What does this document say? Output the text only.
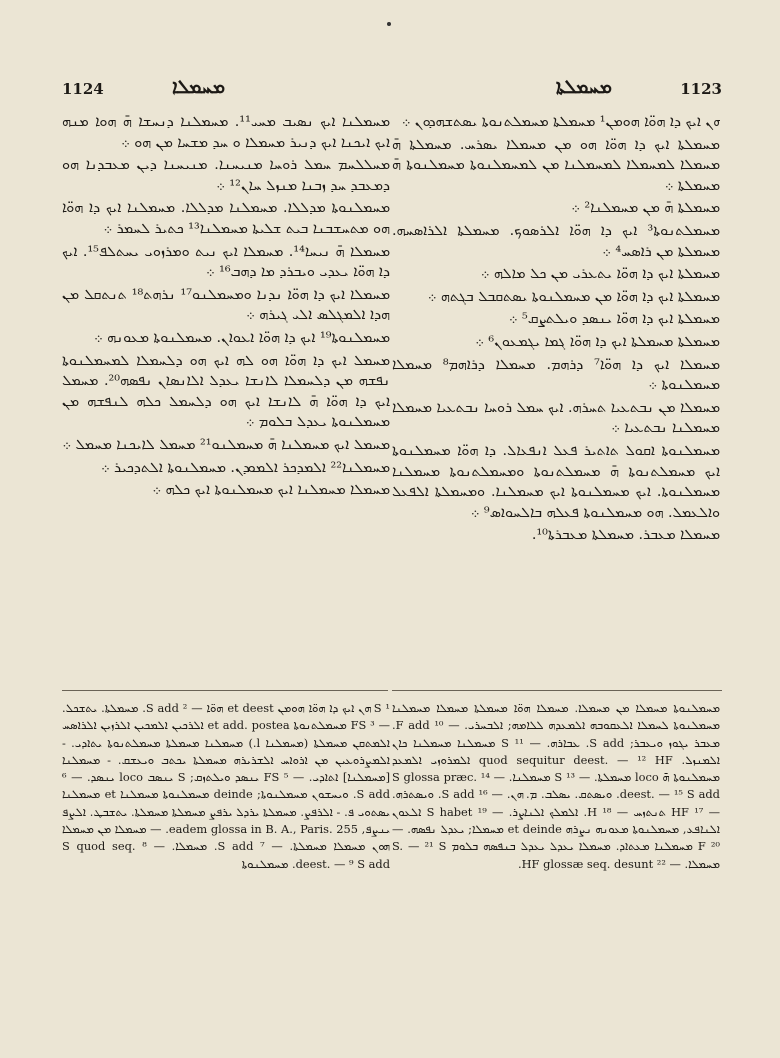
1124	ܡܚܡܠܐ	ܡܚܡܠܬܐ	1123

ܡܚܡܠܢܐ ܐܝܟ ܢܣܝܒ ܡܚܝ¹¹. ܡܚܡܠܢܐ ܕܢܚܫܐ ܗ̄ ܗܘܐ ܡܢܗ ܐܝܟ ܐܝܟܢܐ ܐܝܟ ܕܢܝܪ ܡܚܡܠܐ ܘ ܚܕ ܡܫܚܐ ܡܢ ܗܘ ܀

ܡܚܠܠܚܡ ܚܡܠ ܪܘܚܐ ܡܢܝܚܢܐ. ܡܢܝܚܢܐ ܕܝܢ ܡܥܒܕܢܐ ܗܘ ܕܡܥܒܕ ܚܕ ܙܒܢܐ ܡܢܙܠ ܚܐܢ¹² ܀

ܡܚܡܠܢܘܬܐ ܡܕܠܠܐ. ܡܚܡܠܢܐ ܡܕܠܠܐ. ܡܚܡܠܢܐ ܐܝܟ ܕܐ ܗܘ̈ܐ ܗܘ ܡܬܚܫܒܢܐ ܒܝܬ ܫܠܝܬܐ ܡܚܡܠܢܐ¹³ ܟܬܝܪ ܠܚܡܪ ܀

ܡܚܡܠܐ ܗ̄ ܢܝܚܐ¹⁴. ܡܚܡܠܐ ܐܝܟ ܢܝܬ ܘܡܪܙܘܝ ܝܚܬܠܦ¹⁵. ܐܝܟ ܕܐ ܗܘ̈ܐ ܝܥܕܝ ܘܝܒܪܕ ܡܐ ܕܗܒ¹⁶ ܀

ܡܚܡܠܐ ܐܝܟ ܕܐ ܗܘ̈ܐ ܢܕܢܐ ܘܡܚܡܠܢܘ¹⁷ ܢܪܗܬ¹⁸ ܬܢܬܩܠ ܡܢ ܗܕܐ ܐܠܡܓܠܣ ܐܠܝ ܓܝܪܗ ܀

ܡܚܡܠܢܘܬܐ¹⁹ ܐܝܟ ܕܐ ܗܘ̈ܐ ܐܥܘܐܢ. ܡܚܡܠܢܘܬܐ ܡܥܘܢܗ ܀

ܡܚܡܠ ܐܝܟ ܕܐ ܗܘ̈ܐ ܗܘ ܠܗ ܐܝܟ ܗܘ ܕܠܚܡܠܐ ܠܡܚܡܠܢܘܬܐ ܢܦܫܗ ܡܢ ܕܠܚܡܠܐ ܠܐܢܫܐ ܝܥܕܠ ܐܠܐܢܣܐܢ ܢܦܣܗ²⁰. ܡܚܡܠ ܐܝܟ ܕܐ ܗܘ̈ܐ ܗ̄ ܠܐܢܫܐ ܐܝܟ ܗܘ ܕܠܚܡܠ ܟܠܗ ܠܢܦܫܗ ܡܢ ܡܚܡܠܢܘܬܐ ܝܥܕܠ ܒܠܘܡ ܀

ܡܚܡܠ ܐܝܟ ܡܚܡܠܢܐ ܗ̄ ܡܚܡܠܢܘ²¹ ܡܚܡܠ ܠܐܝܟܢܐ ܡܚܡܠ ܀

ܡܚܡܠܢܐ²² ܐܠܡܕܟܪ ܐܠܡܘܕܢ. ܡܚܡܠܢܘܬܐ ܐܠܬܕܟܝܪ ܀

ܡܚܡܠܐ ܡܚܡܠܢܐ ܐܝܟ ܡܚܡܠܢܘܬܐ ܐܝܟ ܟܠܗ ܀

ܗܢ ܐܝܟ ܕܐ ܗܘ̈ܐ ܗܘܡܢ¹ ܡܚܡܠܬܐ ܡܚܡܠܬܢܘܬܐ ܝܣܬܫܗܕܘܢ ܀

ܡܚܡܠܬܐ ܐܝܟ ܕܐ ܗܘ̈ܐ ܗܘ ܡܢ ܡܚܡܠܐ ܝܣܪܚ. ܡܚܡܠܬܐ ܗ̄ ܡܚܡܠܐ ܠܡܚܡܠܐ ܠܡܚܡܠܢܐ ܡܢ ܠܡܚܡܠܢܘܬܐ ܡܚܡܠܢܘܬܐ ܗ̄ ܡܚܡܠܬܐ ܀

ܡܚܡܠܬܐ ܗ̄ ܡܢ ܡܚܡܠܢܐ² ܀

ܡܚܡܠܬܢܘܬܐ³ ܐܝܟ ܕܐ ܗܘ̈ܐ ܐܠܪܣܘܟ. ܡܚܡܠܬܐ ܐܠܪܐܣܚܗ. ܡܚܡܠܬܐ ܡܢ ܪܐܣܚ⁴ ܀

ܡܚܡܠܬܐ ܐܝܟ ܕܐ ܗܘ̈ܐ ܝܬܥܪܝ ܡܢ ܟܠ ܡܐܠܗ ܀

ܡܚܡܠܬܐ ܐܝܟ ܕܐ ܗܘ̈ܐ ܡܢ ܡܚܡܠܢܘܬܐ ܝܣܬܩܒܠ ܒܓܬܗ ܀

ܡܚܡܠܬܐ ܐܝܟ ܕܐ ܗܘ̈ܐ ܝܢܣܕ ܘܝܠܬܨܩ⁵ ܀

ܡܚܡܠܬܐ ܡܚܡܠܬܐ ܐܝܟ ܕܐ ܗܘ̈ܐ ܓܡܐ ܝܓܡܥܘܢ⁶ ܀

ܡܚܡܠܐ ܐܝܟ ܕܐ ܗܘ̈ܐ⁷ ܕܪܗܡ. ܡܚܡܠܐ ܕܪܐܗܡ⁸ ܡܚܡܠܐ ܡܚܡܠܢܘܬܐ ܀

ܡܚܡܠܐ ܡܢ ܢܒܬܥܝܐ ܬܚܪܗ. ܐܝܟ ܚܡܠ ܪܘܚܐ ܢܒܬܥܝܐ ܡܚܡܠܐ ܡܚܡܠܢܐ ܢܒܬܥܝܐ ܀

ܡܚܡܠܢܘܬܐ ܐܩܘܠ ܬܐܬܝܪ ܦܥܠ ܐܢܦܥܐܠ. ܕܐ ܗܘ̈ܐ ܡܚܡܠܢܘܬܐ ܐܝܟ ܡܚܡܠܬܢܘܬܐ ܗ̄ ܡܚܡܠܬܢܘܬܐ ܘܡܚܡܠܬܢܘܬܐ ܡܚܡܠܢܐ ܡܚܡܠܢܘܬܐ. ܐܝܟ ܡܚܡܠܢܘܬܐ ܐܝܟ ܡܚܡܠܢܐ. ܘܡܚܡܠܬܐ ܐܠܦܥܠ ܘܐܠܥܡܠ. ܗܘ ܡܚܡܠܢܘܬܐ ܦܥܠܗ ܒܐܠܚܘܐܣ⁹ ܀

ܡܚܡܠܐ ܡܥܒܪ. ܡܚܡܠܬܐ ܡܥܒܪܬܐ¹⁰.

¹ S ܗܢ ܐܝܟ ܕܐ ܗܘ̈ܐ ܗܘܡܢ et deest ܗܘ̈ܐ — ² S add. ܡܚܡܠܬܐ. ܝܬܫܟܠ. — ³ FS ܡܚܡܠܬܢܘܬܐ et add. postea ܐܠܪܟܝܢ ܐܠܡܟܝܢ ܐܠܪܙܝܢ ܐܠܪܐܣܚ ܐܠܡܬܩܢ ܡܚܡܠܬܐ (ܡܚܡܠܢܐ l.) ܡܚܡܠܢܐ ܡܚܡܠܬܐ ܡܚܡܠܬܢܘܬܐ ܝܬܐܕܝ. - ܐܠܡܨܪܘܥܝܢ ܡܢ ܐܪܘܐܚ ܐܠܫܪܝܪܗ ܡܚܡܠܬܐ ܝܟܬܒ ܘܝܥܫܩ. - ܡܚܡܠܢܐ [ܡܚܡܠܢܐ] ܐܬܐܕܝ. — ⁵ FS ܝܢܣܕ ܘܝܠܬܙܩ; S ܝܢܣܒ loco ܝܢܣܕ. — ⁶ S add. ܘܝܚܫܘܢ ܡܚܡܠܢܘܬܐ; deinde ܡܚܡܠܢܘܬܐ ܡܚܡܠܢܐ et ܡܚܡܠܢܐ ܝܣܬܘܝ ܦ. - ܐܠܪܦܨ. ܡܚܡܠܬܐ ܝܪܕܠ ܝܪܦܨ ܡܚܡܠܬܐ ܡܚܡܠܬܐ. ܝܬܫܒܛ. ܐܠܨܦ ܝܢܨܦ, eadem glossa in B. A., Paris. 255. — ܡܚܡܠܐ ܡܢ ܡܚܡܠܐ ܗܘܢ ܡܚܡܠܐ ܡܚܡܠܬܐ. — ⁷ S add. ܡܚܡܠܐ. — ⁸ S quod seq. deest. — ⁹ S add. ܡܚܡܠܢܘܬܐ

ܡܚܡܠܢܘܬܐ ܡܚܡܠܐ ܡܢ ܡܚܡܠܐ. ܡܚܡܠܐ ܗܘ̈ܐ ܡܚܡܠܬܐ ܡܚܡܠܐ ܡܚܡܠܢܐ ܡܚܡܠܢܘܬܐ ܠܚܡܠܐ ܐܠܥܩܘܒܗ ܐܠܡܥܕܗ ܠܠܐܡܗ; ܐܠܒܚܪܝ. — ¹⁰ F add. ܡܥܒܪ ܝܓܘܙ ܘܝܥܒܪ; S add. ܥܒܐܪܗ. — ¹¹ S ܡܚܡܠܢܐ ܡܚܡܠܢܐ ܟܐܢ ܐܠܡܢܙܠ. quod sequitur deest. — ¹² HF ܐܠܡܪܘܙܝ ܐܠܡܥܕ ܡܚܡܠܢܘܬܐ ܗ̄ loco ܡܚܡܠܬܐ. — ¹³ S ܡܚܡܠܢܐ. — ¹⁴ S glossa præc. deest. — ¹⁵ S add. ܘܝܣܬܩ. ܝܣܠܒ. ܡ. ܗܢ. — ¹⁶ S add. ܘܝܣܬܪܗ. — ¹⁷ HF ܬܢܬܙܚ — ¹⁸ H. ܐܠܡܠܟ ܐܠܢܐܨܪ. — ¹⁹ S habet ܐܠܥܘܢ ܐܠܢܐܦܥ, ܡܚܡܠܢܘܬܐ ܡܥܘܢܗ ܢܨܪܗ et deinde ܡܚܡܠܐ; ܝܥܕܠ ܢܦܣܗ. — ²⁰ F ܡܚܡܠܢܐ ܡܥܬܐܕ. ܡܚܡܠܐ ܝܥܕܠ ܝܥܕܠ ܒܢܦܣܗ ܒܠܘܡ S. — ²¹ S ܡܚܡܠܐ. — ²² HF glossæ seq. desunt.
